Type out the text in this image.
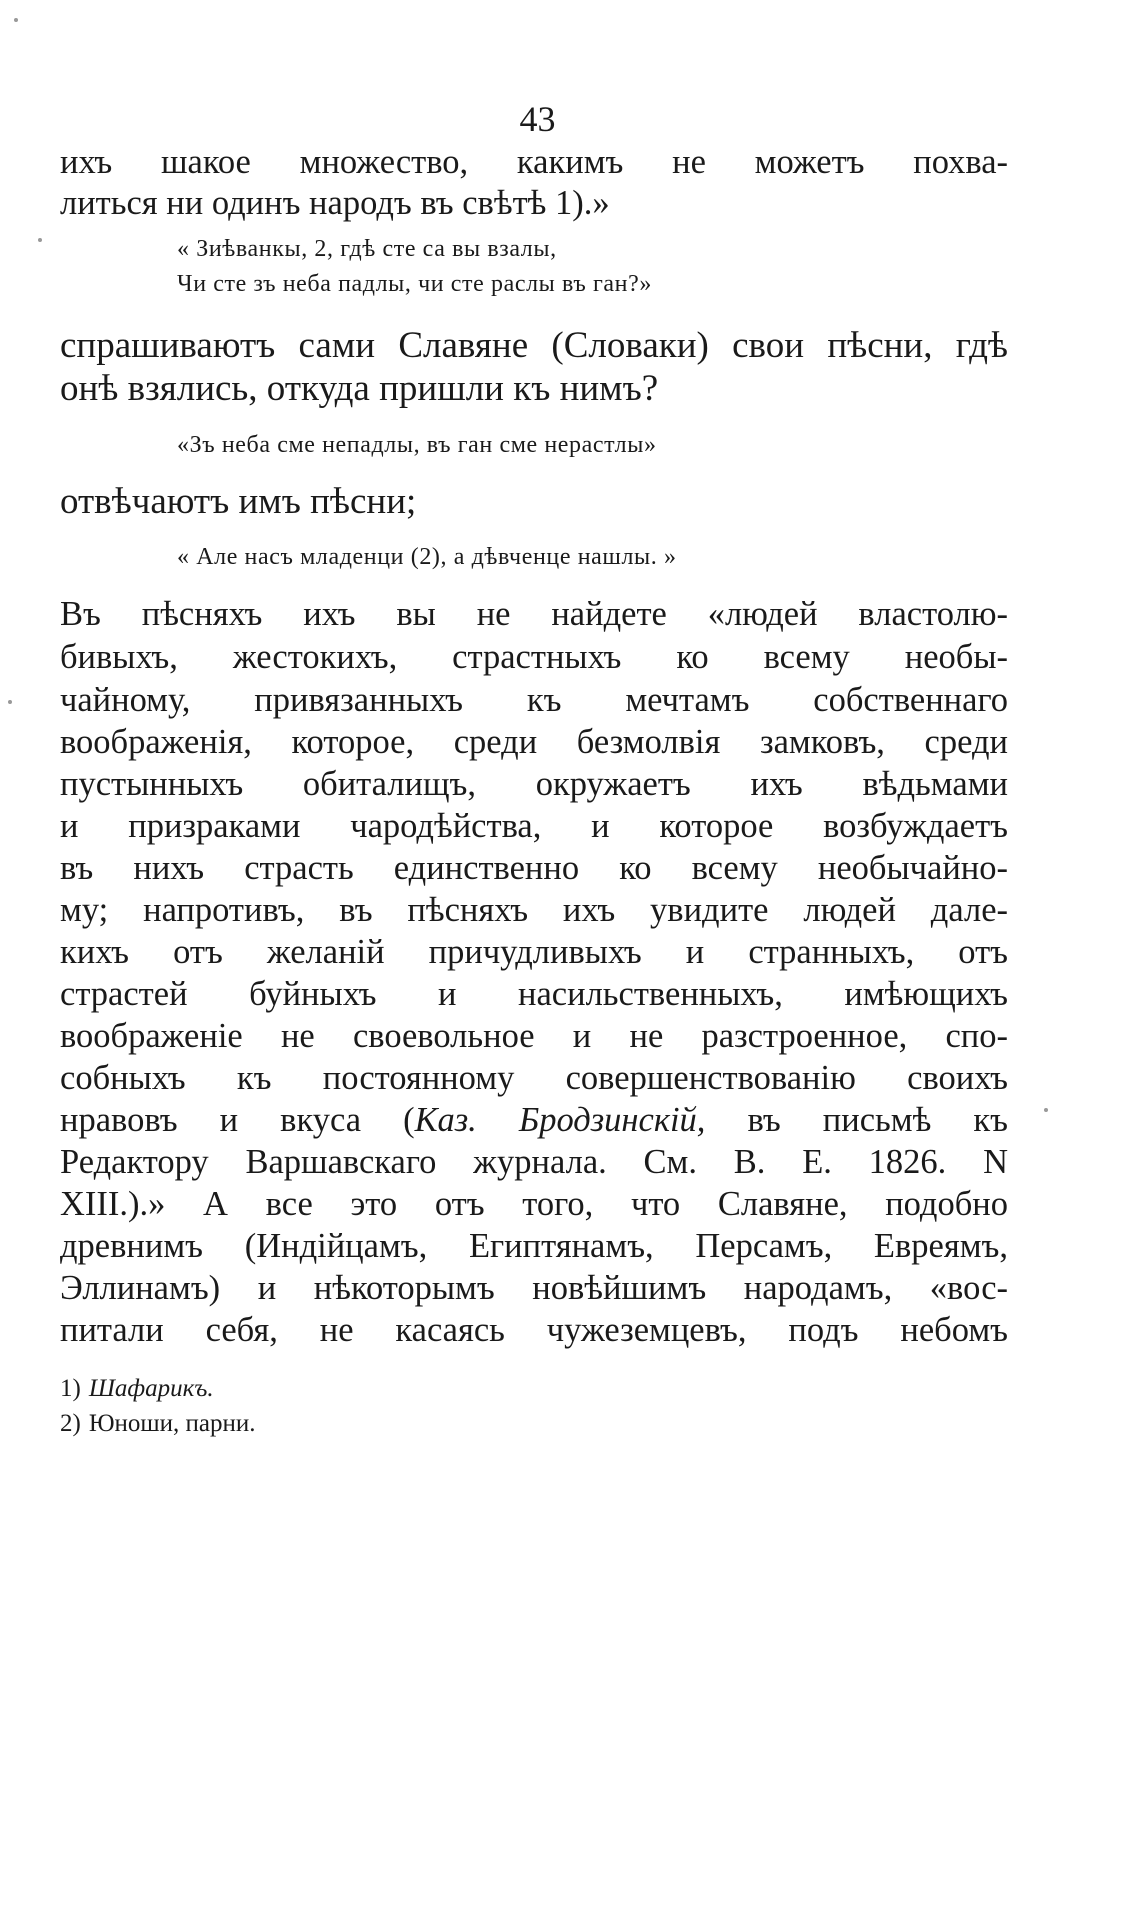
43
ихъ шакое множество, какимъ не можетъ похва-
литься ни одинъ народъ въ свѣтѣ 1).»
« Зиѣванкы, 2, гдѣ сте са вы взалы,
Чи сте зъ неба падлы, чи сте раслы въ ган?»
спрашиваютъ сами Славяне (Словаки) свои пѣсни, гдѣ
онѣ взялись, откуда пришли къ нимъ?
«Зъ неба сме непадлы, въ ган сме нерастлы»
отвѣчаютъ имъ пѣсни;
« Але насъ младенци (2), а дѣвченце нашлы. »
Въ пѣсняхъ ихъ вы не найдете «людей властолю-
бивыхъ, жестокихъ, страстныхъ ко всему необы-
чайному, привязанныхъ къ мечтамъ собственнаго
воображенія, которое, среди безмолвія замковъ, среди
пустынныхъ обиталищъ, окружаетъ ихъ вѣдьмами
и призраками чародѣйства, и которое возбуждаетъ
въ нихъ страсть единственно ко всему необычайно-
му; напротивъ, въ пѣсняхъ ихъ увидите людей дале-
кихъ отъ желаній причудливыхъ и странныхъ, отъ
страстей буйныхъ и насильственныхъ, имѣющихъ
воображеніе не своевольное и не разстроенное, спо-
собныхъ къ постоянному совершенствованію своихъ
нравовъ и вкуса (Каз. Бродзинскій, въ письмѣ къ
Редактору Варшавскаго журнала. См. В. Е. 1826. N
XIII.).» А все это отъ того, что Славяне, подобно
древнимъ (Индійцамъ, Египтянамъ, Персамъ, Евреямъ,
Эллинамъ) и нѣкоторымъ новѣйшимъ народамъ, «вос-
питали себя, не касаясь чужеземцевъ, подъ небомъ
1) Шафарикъ.
2) Юноши, парни.
